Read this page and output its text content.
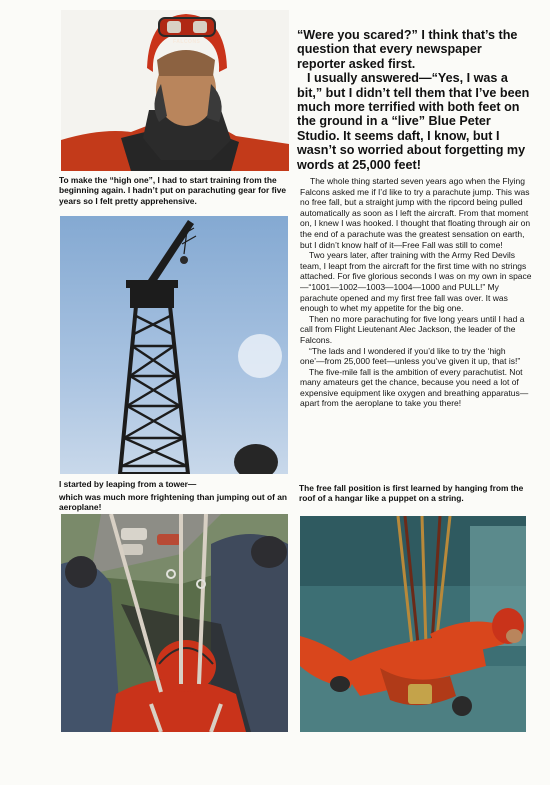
FALCONS

To make the “high one”, I had to start training from the beginning again. I hadn’t put on parachuting gear for five years so I felt pretty apprehensive.

I started by leaping from a tower—

which was much more frightening than jumping out of an aeroplane!

“Were you scared?” I think that’s the question that every newspaper reporter asked first.

I usually answered—“Yes, I was a bit,” but I didn’t tell them that I’ve been much more terrified with both feet on the ground in a “live” Blue Peter Studio. It seems daft, I know, but I wasn’t so worried about forgetting my words at 25,000 feet!

The whole thing started seven years ago when the Flying Falcons asked me if I’d like to try a parachute jump. This was no free fall, but a straight jump with the ripcord being pulled automatically as soon as I left the aircraft. From that moment on, I knew I was hooked. I thought that floating through air on the end of a parachute was the greatest sensation on earth, but I didn’t know half of it—Free Fall was still to come!

Two years later, after training with the Army Red Devils team, I leapt from the aircraft for the first time with no strings attached. For five glorious seconds I was on my own in space—“1001—1002—1003—1004—1000 and PULL!” My parachute opened and my first free fall was over. It was enough to whet my appetite for the big one.

Then no more parachuting for five long years until I had a call from Flight Lieutenant Alec Jackson, the leader of the Falcons.

“The lads and I wondered if you’d like to try the ‘high one’—from 25,000 feet—unless you’ve given it up, that is!”

The five-mile fall is the ambition of every parachutist. Not many amateurs get the chance, because you need a lot of expensive equipment like oxygen and breathing apparatus—apart from the aeroplane to take you there!

The free fall position is first learned by hanging from the roof of a hangar like a puppet on a string.
